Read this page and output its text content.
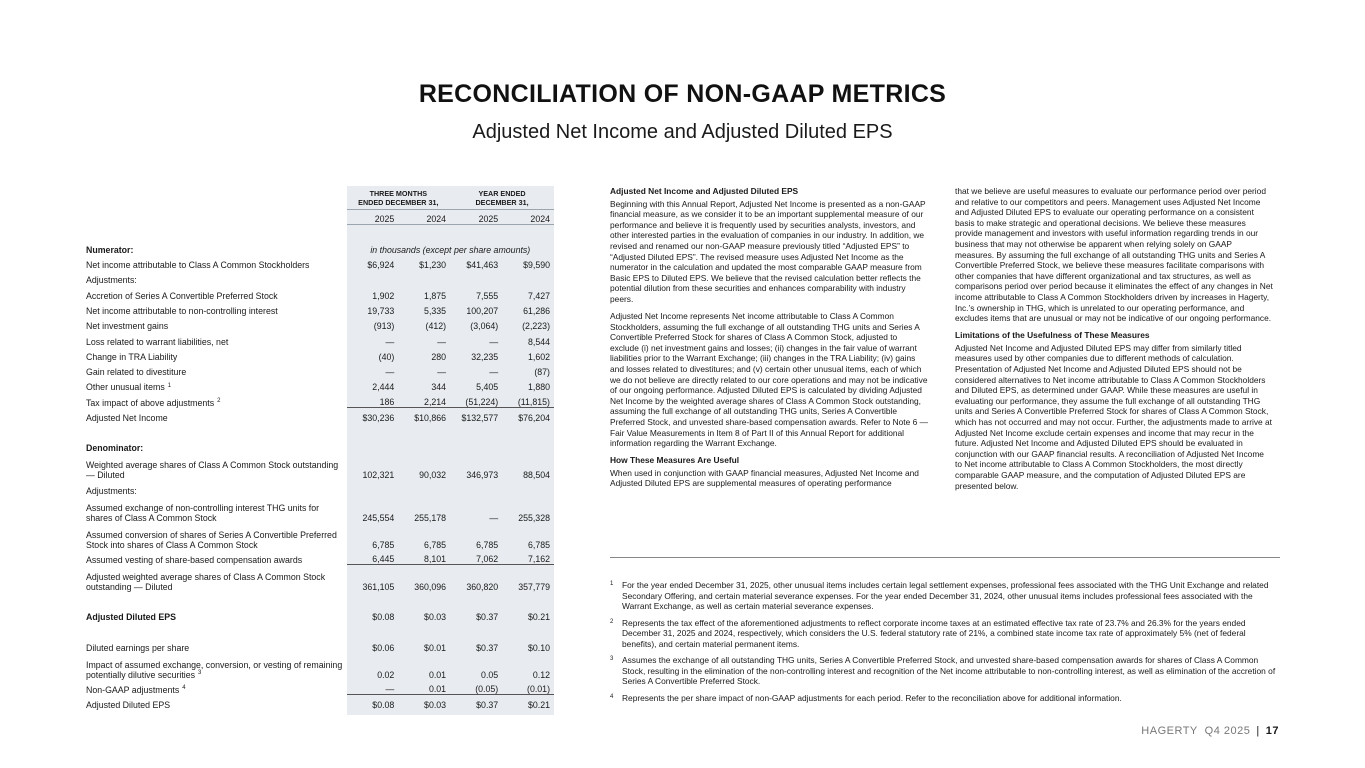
RECONCILIATION OF NON-GAAP METRICS
Adjusted Net Income and Adjusted Diluted EPS
	THREE MONTHS
ENDED DECEMBER 31,		YEAR ENDED
DECEMBER 31,	
	2025	2024	2025	2024

Numerator:	in thousands (except per share amounts)			
Net income attributable to Class A Common Stockholders	$6,924	$1,230	$41,463	$9,590
Adjustments:				
Accretion of Series A Convertible Preferred Stock	1,902	1,875	7,555	7,427
Net income attributable to non-controlling interest	19,733	5,335	100,207	61,286
Net investment gains	(913)	(412)	(3,064)	(2,223)
Loss related to warrant liabilities, net	—	—	—	8,544
Change in TRA Liability	(40)	280	32,235	1,602
Gain related to divestiture	—	—	—	(87)
Other unusual items $^1$	2,444	344	5,405	1,880
Tax impact of above adjustments $^2$	186	2,214	(51,224)	(11,815)
Adjusted Net Income	$30,236	$10,866	$132,577	$76,204

Denominator:				
Weighted average shares of Class A Common Stock outstanding — Diluted	102,321	90,032	346,973	88,504
Adjustments:				
Assumed exchange of non-controlling interest THG units for shares of Class A Common Stock	245,554	255,178	—	255,328
Assumed conversion of shares of Series A Convertible Preferred Stock into shares of Class A Common Stock	6,785	6,785	6,785	6,785
Assumed vesting of share-based compensation awards	6,445	8,101	7,062	7,162
Adjusted weighted average shares of Class A Common Stock outstanding — Diluted	361,105	360,096	360,820	357,779

Adjusted Diluted EPS	$0.08	$0.03	$0.37	$0.21

Diluted earnings per share	$0.06	$0.01	$0.37	$0.10
Impact of assumed exchange, conversion, or vesting of remaining potentially dilutive securities $^3$	0.02	0.01	0.05	0.12
Non-GAAP adjustments $^4$	—	0.01	(0.05)	(0.01)
Adjusted Diluted EPS	$0.08	$0.03	$0.37	$0.21

Adjusted Net Income and Adjusted Diluted EPS

Beginning with this Annual Report, Adjusted Net Income is presented as a non-GAAP financial measure, as we consider it to be an important supplemental measure of our performance and believe it is frequently used by securities analysts, investors, and other interested parties in the evaluation of companies in our industry. In addition, we revised and renamed our non-GAAP measure previously titled “Adjusted EPS” to “Adjusted Diluted EPS”. The revised measure uses Adjusted Net Income as the numerator in the calculation and updated the most comparable GAAP measure from Basic EPS to Diluted EPS. We believe that the revised calculation better reflects the potential dilution from these securities and enhances comparability with industry peers.

Adjusted Net Income represents Net income attributable to Class A Common Stockholders, assuming the full exchange of all outstanding THG units and Series A Convertible Preferred Stock for shares of Class A Common Stock, adjusted to exclude (i) net investment gains and losses; (ii) changes in the fair value of warrant liabilities prior to the Warrant Exchange; (iii) changes in the TRA Liability; (iv) gains and losses related to divestitures; and (v) certain other unusual items, each of which we do not believe are directly related to our core operations and may not be indicative of our ongoing performance. Adjusted Diluted EPS is calculated by dividing Adjusted Net Income by the weighted average shares of Class A Common Stock outstanding, assuming the full exchange of all outstanding THG units, Series A Convertible Preferred Stock, and unvested share-based compensation awards. Refer to Note 6 — Fair Value Measurements in Item 8 of Part II of this Annual Report for additional information regarding the Warrant Exchange.

How These Measures Are Useful

When used in conjunction with GAAP financial measures, Adjusted Net Income and Adjusted Diluted EPS are supplemental measures of operating performance

that we believe are useful measures to evaluate our performance period over period and relative to our competitors and peers. Management uses Adjusted Net Income and Adjusted Diluted EPS to evaluate our operating performance on a consistent basis to make strategic and operational decisions. We believe these measures provide management and investors with useful information regarding trends in our business that may not otherwise be apparent when relying solely on GAAP measures. By assuming the full exchange of all outstanding THG units and Series A Convertible Preferred Stock, we believe these measures facilitate comparisons with other companies that have different organizational and tax structures, as well as comparisons period over period because it eliminates the effect of any changes in Net income attributable to Class A Common Stockholders driven by increases in Hagerty, Inc.’s ownership in THG, which is unrelated to our operating performance, and excludes items that are unusual or may not be indicative of our ongoing performance.

Limitations of the Usefulness of These Measures

Adjusted Net Income and Adjusted Diluted EPS may differ from similarly titled measures used by other companies due to different methods of calculation. Presentation of Adjusted Net Income and Adjusted Diluted EPS should not be considered alternatives to Net income attributable to Class A Common Stockholders and Diluted EPS, as determined under GAAP. While these measures are useful in evaluating our performance, they assume the full exchange of all outstanding THG units and Series A Convertible Preferred Stock for shares of Class A Common Stock, which has not occurred and may not occur. Further, the adjustments made to arrive at Adjusted Net Income exclude certain expenses and income that may recur in the future. Adjusted Net Income and Adjusted Diluted EPS should be evaluated in conjunction with our GAAP financial results. A reconciliation of Adjusted Net Income to Net income attributable to Class A Common Stockholders, the most directly comparable GAAP measure, and the computation of Adjusted Diluted EPS are presented below.

1 For the year ended December 31, 2025, other unusual items includes certain legal settlement expenses, professional fees associated with the THG Unit Exchange and related Secondary Offering, and certain material severance expenses. For the year ended December 31, 2024, other unusual items includes professional fees associated with the Warrant Exchange, as well as certain material severance expenses.
2 Represents the tax effect of the aforementioned adjustments to reflect corporate income taxes at an estimated effective tax rate of 23.7% and 26.3% for the years ended December 31, 2025 and 2024, respectively, which considers the U.S. federal statutory rate of 21%, a combined state income tax rate of approximately 5% (net of federal benefits), and certain material permanent items.
3 Assumes the exchange of all outstanding THG units, Series A Convertible Preferred Stock, and unvested share-based compensation awards for shares of Class A Common Stock, resulting in the elimination of the non-controlling interest and recognition of the Net income attributable to non-controlling interest, as well as elimination of the accretion of Series A Convertible Preferred Stock.
4 Represents the per share impact of non-GAAP adjustments for each period. Refer to the reconciliation above for additional information.
HAGERTY  Q4 2025 | 17
